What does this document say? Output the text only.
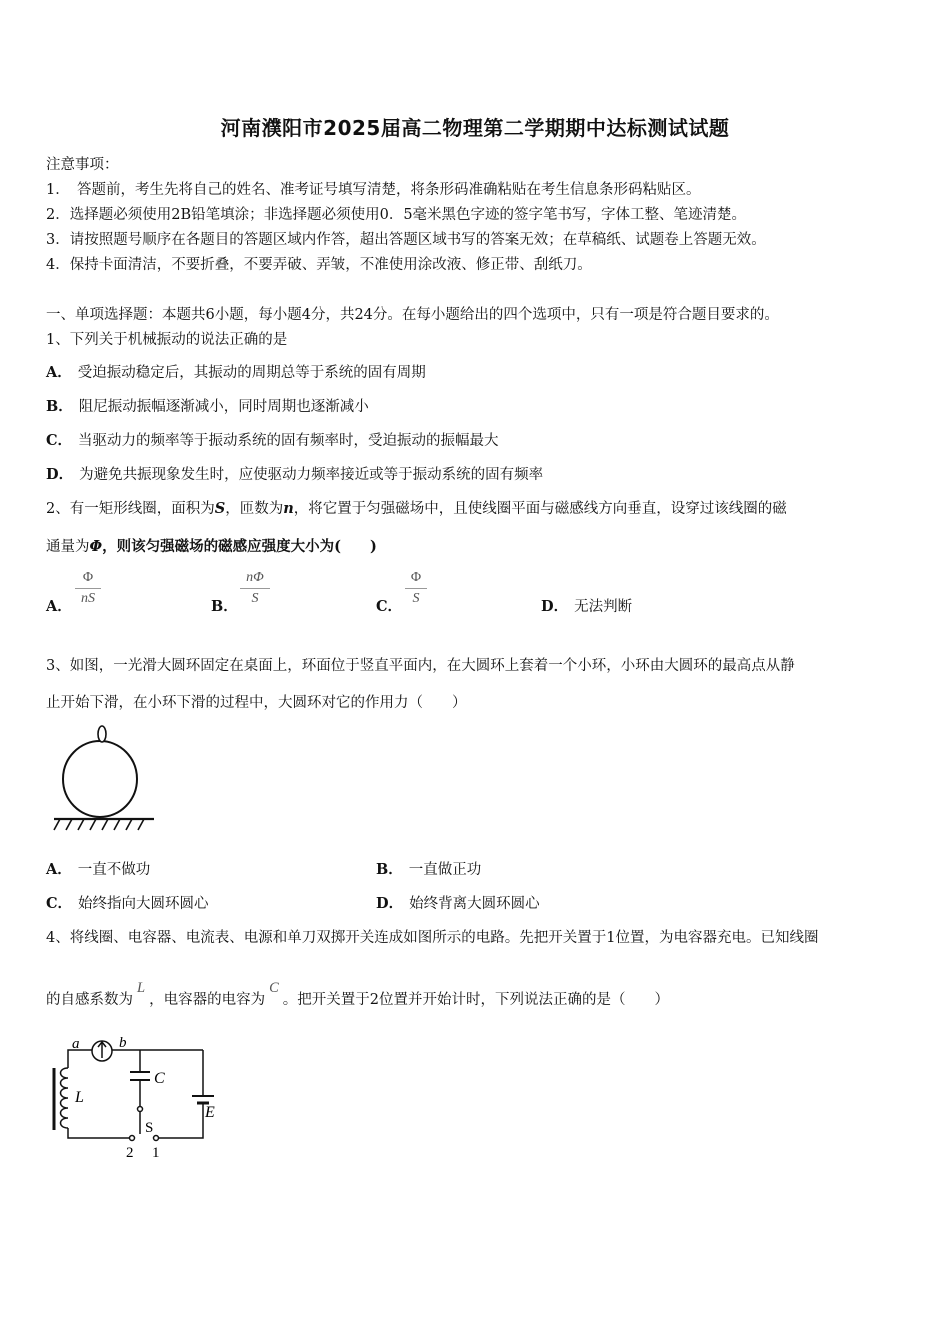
河南濮阳市2025届高二物理第二学期期中达标测试试题
注意事项：
1．　答题前，考生先将自己的姓名、准考证号填写清楚，将条形码准确粘贴在考生信息条形码粘贴区。
2．选择题必须使用2B铅笔填涂；非选择题必须使用0．5毫米黑色字迹的签字笔书写，字体工整、笔迹清楚。
3．请按照题号顺序在各题目的答题区域内作答，超出答题区域书写的答案无效；在草稿纸、试题卷上答题无效。
4．保持卡面清洁，不要折叠，不要弄破、弄皱，不准使用涂改液、修正带、刮纸刀。
一、单项选择题：本题共6小题，每小题4分，共24分。在每小题给出的四个选项中，只有一项是符合题目要求的。
1、下列关于机械振动的说法正确的是
A． 受迫振动稳定后，其振动的周期总等于系统的固有周期
B． 阻尼振动振幅逐渐减小，同时周期也逐渐减小
C． 当驱动力的频率等于振动系统的固有频率时，受迫振动的振幅最大
D． 为避免共振现象发生时，应使驱动力频率接近或等于振动系统的固有频率
2、有一矩形线圈，面积为S，匝数为n，将它置于匀强磁场中，且使线圈平面与磁感线方向垂直，设穿过该线圈的磁
通量为Φ，则该匀强磁场的磁感应强度大小为(　　)
A．
Φ
nS	B．
nΦ
S	C．
Φ
S	D． 无法判断
3、如图，一光滑大圆环固定在桌面上，环面位于竖直平面内，在大圆环上套着一个小环，小环由大圆环的最高点从静
止开始下滑，在小环下滑的过程中，大圆环对它的作用力（　　）
A． 一直不做功	B． 一直做正功
C． 始终指向大圆环圆心	D． 始终背离大圆环圆心
4、将线圈、电容器、电流表、电源和单刀双掷开关连成如图所示的电路。先把开关置于1位置，为电容器充电。已知线圈
的自感系数为L，电容器的电容为C。把开关置于2位置并开始计时，下列说法正确的是（　　）
a	b
C
L
E
S
2 1
